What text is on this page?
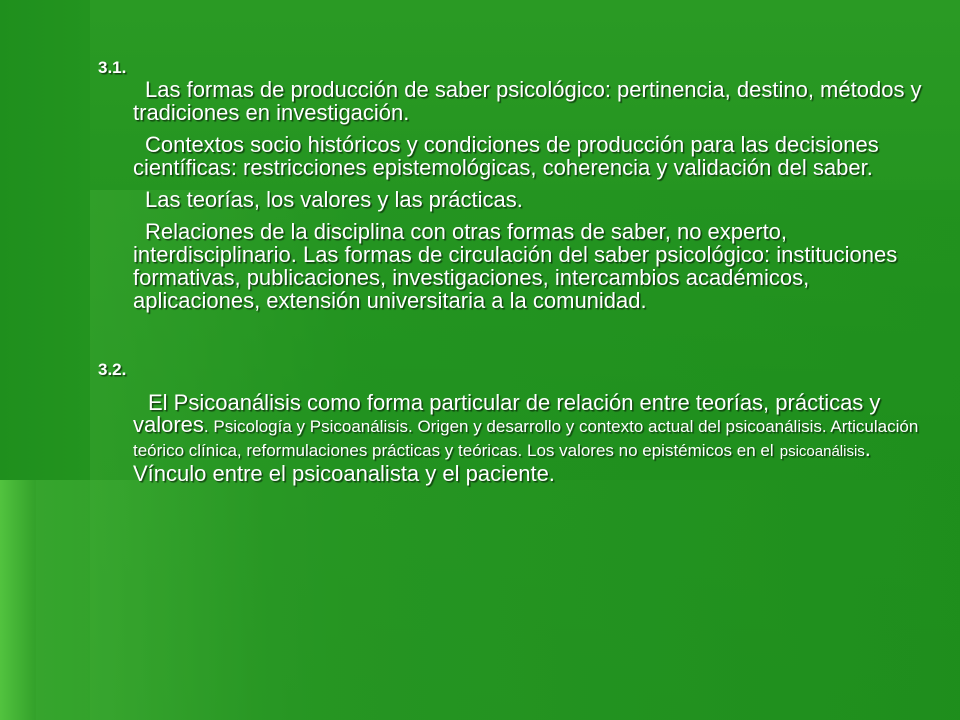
3.1.

Las formas de producción de saber psicológico: pertinencia, destino, métodos y tradiciones en investigación.

Contextos socio históricos y condiciones de producción para las decisiones científicas: restricciones epistemológicas, coherencia y validación del saber.

Las teorías, los valores y las prácticas.

Relaciones de la disciplina con otras formas de saber, no experto, interdisciplinario. Las formas de circulación del saber psicológico: instituciones formativas, publicaciones, investigaciones, intercambios académicos, aplicaciones, extensión universitaria a la comunidad.

3.2.

El Psicoanálisis como forma particular de relación entre teorías, prácticas y valores. Psicología y Psicoanálisis. Origen y desarrollo y contexto actual del psicoanálisis. Articulación teórico clínica, reformulaciones prácticas y teóricas. Los valores no epistémicos en el psicoanálisis. Vínculo entre el psicoanalista y el paciente.
